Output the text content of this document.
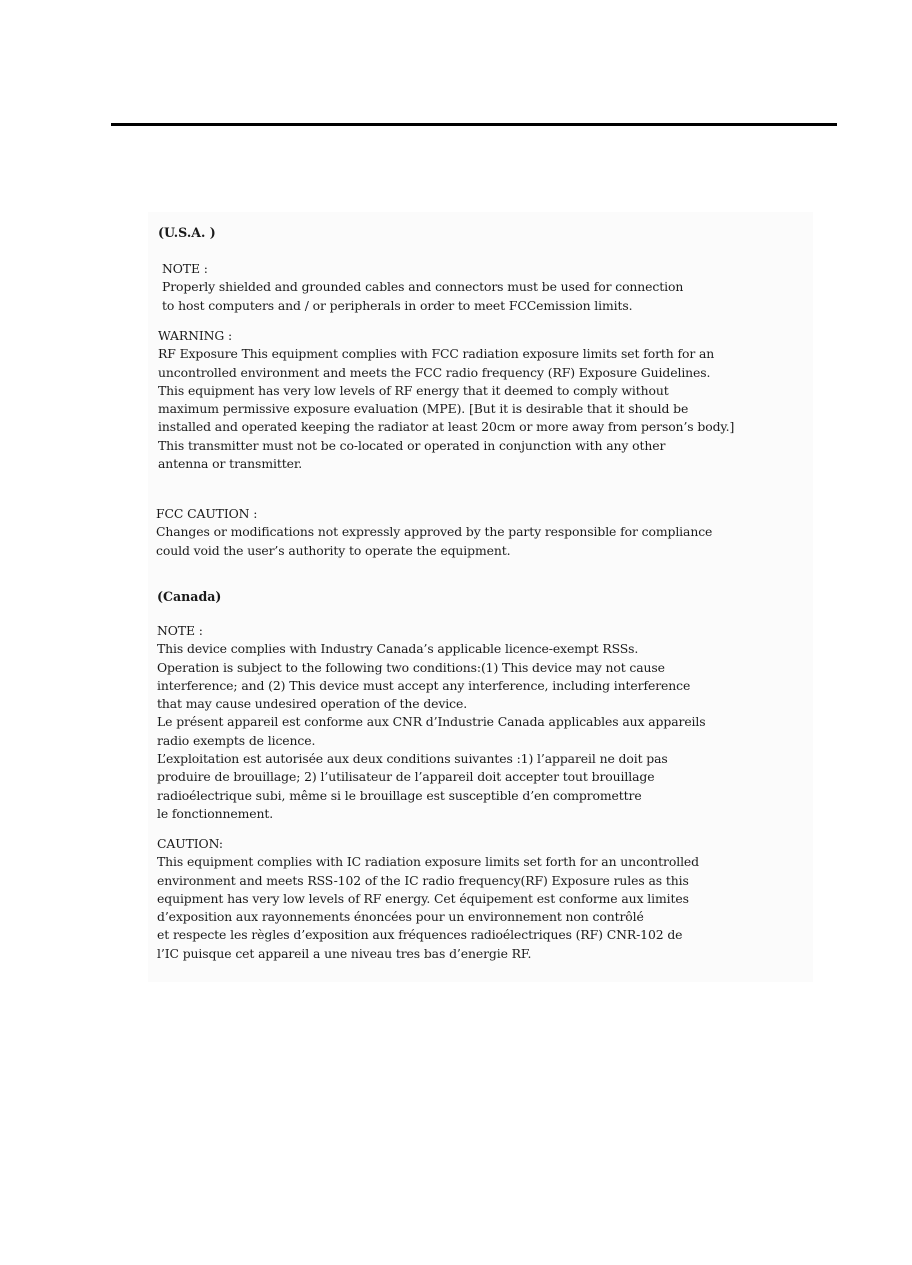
(U.S.A. )
NOTE :
Properly shielded and grounded cables and connectors must be used for connection
to host computers and / or peripherals in order to meet FCCemission limits.
WARNING :
RF Exposure This equipment complies with FCC radiation exposure limits set forth for an
uncontrolled environment and meets the FCC radio frequency (RF) Exposure Guidelines.
This equipment has very low levels of RF energy that it deemed to comply without
maximum permissive exposure evaluation (MPE). [But it is desirable that it should be
installed and operated keeping the radiator at least 20cm or more away from person’s body.]
This transmitter must not be co-located or operated in conjunction with any other
antenna or transmitter.
FCC CAUTION :
Changes or modifications not expressly approved by the party responsible for compliance
could void the user’s authority to operate the equipment.
(Canada)
NOTE :
This device complies with Industry Canada’s applicable licence-exempt RSSs.
Operation is subject to the following two conditions:(1) This device may not cause
interference; and (2) This device must accept any interference, including interference
that may cause undesired operation of the device.
Le présent appareil est conforme aux CNR d’Industrie Canada applicables aux appareils
radio exempts de licence.
L’exploitation est autorisée aux deux conditions suivantes :1) l’appareil ne doit pas
produire de brouillage; 2) l’utilisateur de l’appareil doit accepter tout brouillage
radioélectrique subi, même si le brouillage est susceptible d’en compromettre
le fonctionnement.
CAUTION:
This equipment complies with IC radiation exposure limits set forth for an uncontrolled
environment and meets RSS-102 of the IC radio frequency(RF) Exposure rules as this
equipment has very low levels of RF energy. Cet équipement est conforme aux limites
d’exposition aux rayonnements énoncées pour un environnement non contrôlé
et respecte les règles d’exposition aux fréquences radioélectriques (RF) CNR-102 de
l’IC puisque cet appareil a une niveau tres bas d’energie RF.
